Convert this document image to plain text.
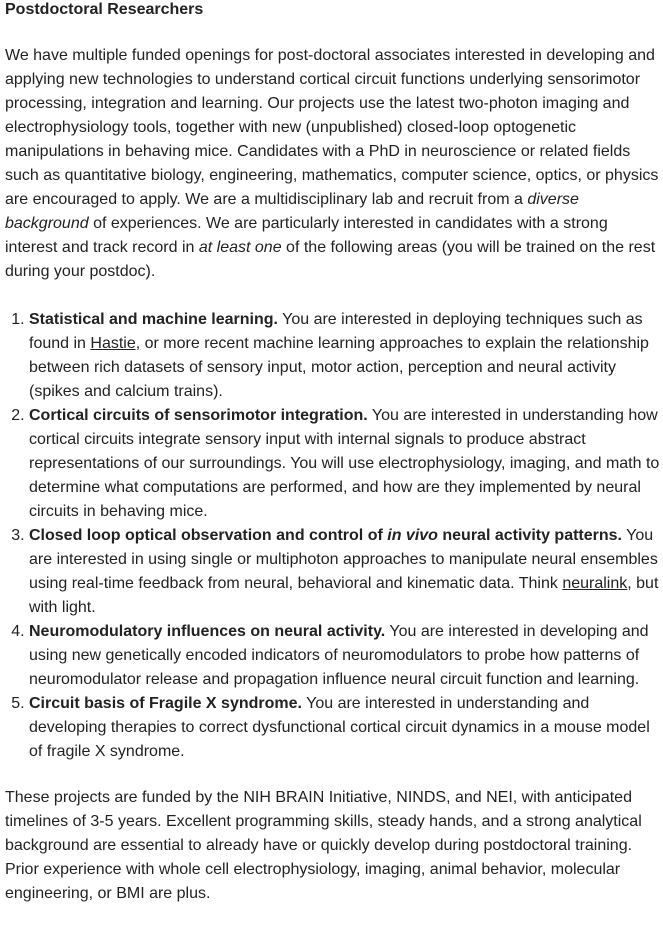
Postdoctoral Researchers

We have multiple funded openings for post-doctoral associates interested in developing and applying new technologies to understand cortical circuit functions underlying sensorimotor processing, integration and learning. Our projects use the latest two-photon imaging and electrophysiology tools, together with new (unpublished) closed-loop optogenetic manipulations in behaving mice. Candidates with a PhD in neuroscience or related fields such as quantitative biology, engineering, mathematics, computer science, optics, or physics are encouraged to apply. We are a multidisciplinary lab and recruit from a diverse background of experiences. We are particularly interested in candidates with a strong interest and track record in at least one of the following areas (you will be trained on the rest during your postdoc).

1. Statistical and machine learning. You are interested in deploying techniques such as found in Hastie, or more recent machine learning approaches to explain the relationship between rich datasets of sensory input, motor action, perception and neural activity (spikes and calcium trains).
2. Cortical circuits of sensorimotor integration. You are interested in understanding how cortical circuits integrate sensory input with internal signals to produce abstract representations of our surroundings. You will use electrophysiology, imaging, and math to determine what computations are performed, and how are they implemented by neural circuits in behaving mice.
3. Closed loop optical observation and control of in vivo neural activity patterns. You are interested in using single or multiphoton approaches to manipulate neural ensembles using real-time feedback from neural, behavioral and kinematic data. Think neuralink, but with light.
4. Neuromodulatory influences on neural activity. You are interested in developing and using new genetically encoded indicators of neuromodulators to probe how patterns of neuromodulator release and propagation influence neural circuit function and learning.
5. Circuit basis of Fragile X syndrome. You are interested in understanding and developing therapies to correct dysfunctional cortical circuit dynamics in a mouse model of fragile X syndrome.

These projects are funded by the NIH BRAIN Initiative, NINDS, and NEI, with anticipated timelines of 3-5 years. Excellent programming skills, steady hands, and a strong analytical background are essential to already have or quickly develop during postdoctoral training. Prior experience with whole cell electrophysiology, imaging, animal behavior, molecular engineering, or BMI are plus.
